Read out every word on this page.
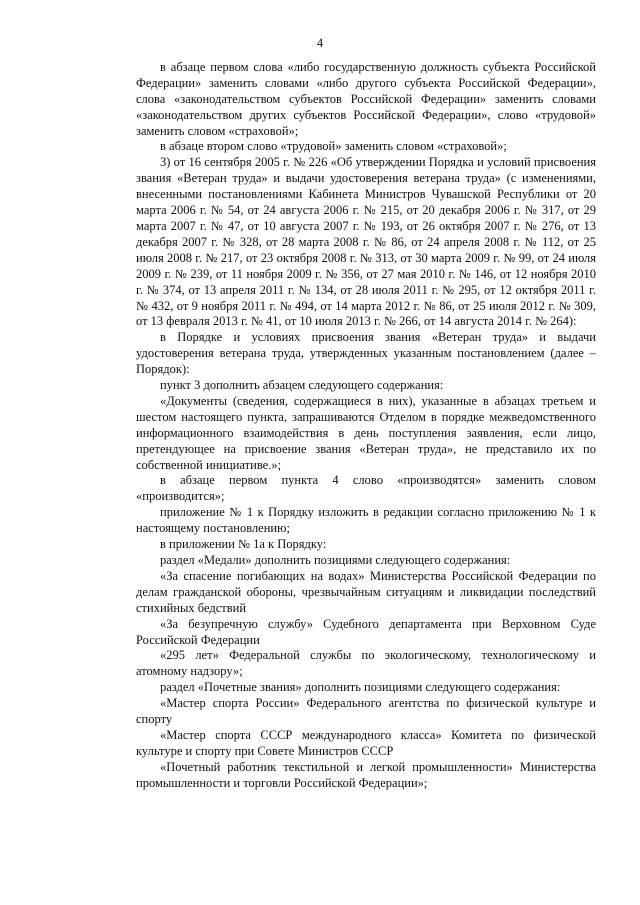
4

в абзаце первом слова «либо государственную должность субъекта Российской Федерации» заменить словами «либо другого субъекта Российской Федерации», слова «законодательством субъектов Российской Федерации» заменить словами «законодательством других субъектов Российской Федерации», слово «трудовой» заменить словом «страховой»;

в абзаце втором слово «трудовой» заменить словом «страховой»;

3) от 16 сентября 2005 г. № 226 «Об утверждении Порядка и условий присвоения звания «Ветеран труда» и выдачи удостоверения ветерана труда» (с изменениями, внесенными постановлениями Кабинета Министров Чувашской Республики от 20 марта 2006 г. № 54, от 24 августа 2006 г. № 215, от 20 декабря 2006 г. № 317, от 29 марта 2007 г. № 47, от 10 августа 2007 г. № 193, от 26 октября 2007 г. № 276, от 13 декабря 2007 г. № 328, от 28 марта 2008 г. № 86, от 24 апреля 2008 г. № 112, от 25 июля 2008 г. № 217, от 23 октября 2008 г. № 313, от 30 марта 2009 г. № 99, от 24 июля 2009 г. № 239, от 11 ноября 2009 г. № 356, от 27 мая 2010 г. № 146, от 12 ноября 2010 г. № 374, от 13 апреля 2011 г. № 134, от 28 июля 2011 г. № 295, от 12 октября 2011 г. № 432, от 9 ноября 2011 г. № 494, от 14 марта 2012 г. № 86, от 25 июля 2012 г. № 309, от 13 февраля 2013 г. № 41, от 10 июля 2013 г. № 266, от 14 августа 2014 г. № 264):

в Порядке и условиях присвоения звания «Ветеран труда» и выдачи удостоверения ветерана труда, утвержденных указанным постановлением (далее – Порядок):

пункт 3 дополнить абзацем следующего содержания:

«Документы (сведения, содержащиеся в них), указанные в абзацах третьем и шестом настоящего пункта, запрашиваются Отделом в порядке межведомственного информационного взаимодействия в день поступления заявления, если лицо, претендующее на присвоение звания «Ветеран труда», не представило их по собственной инициативе.»;

в абзаце первом пункта 4 слово «производятся» заменить словом «производится»;

приложение № 1 к Порядку изложить в редакции согласно приложению № 1 к настоящему постановлению;

в приложении № 1а к Порядку:

раздел «Медали» дополнить позициями следующего содержания:

«За спасение погибающих на водах» Министерства Российской Федерации по делам гражданской обороны, чрезвычайным ситуациям и ликвидации последствий стихийных бедствий

«За безупречную службу» Судебного департамента при Верховном Суде Российской Федерации

«295 лет» Федеральной службы по экологическому, технологическому и атомному надзору»;

раздел «Почетные звания» дополнить позициями следующего содержания:

«Мастер спорта России» Федерального агентства по физической культуре и спорту

«Мастер спорта СССР международного класса» Комитета по физической культуре и спорту при Совете Министров СССР

«Почетный работник текстильной и легкой промышленности» Министерства промышленности и торговли Российской Федерации»;
